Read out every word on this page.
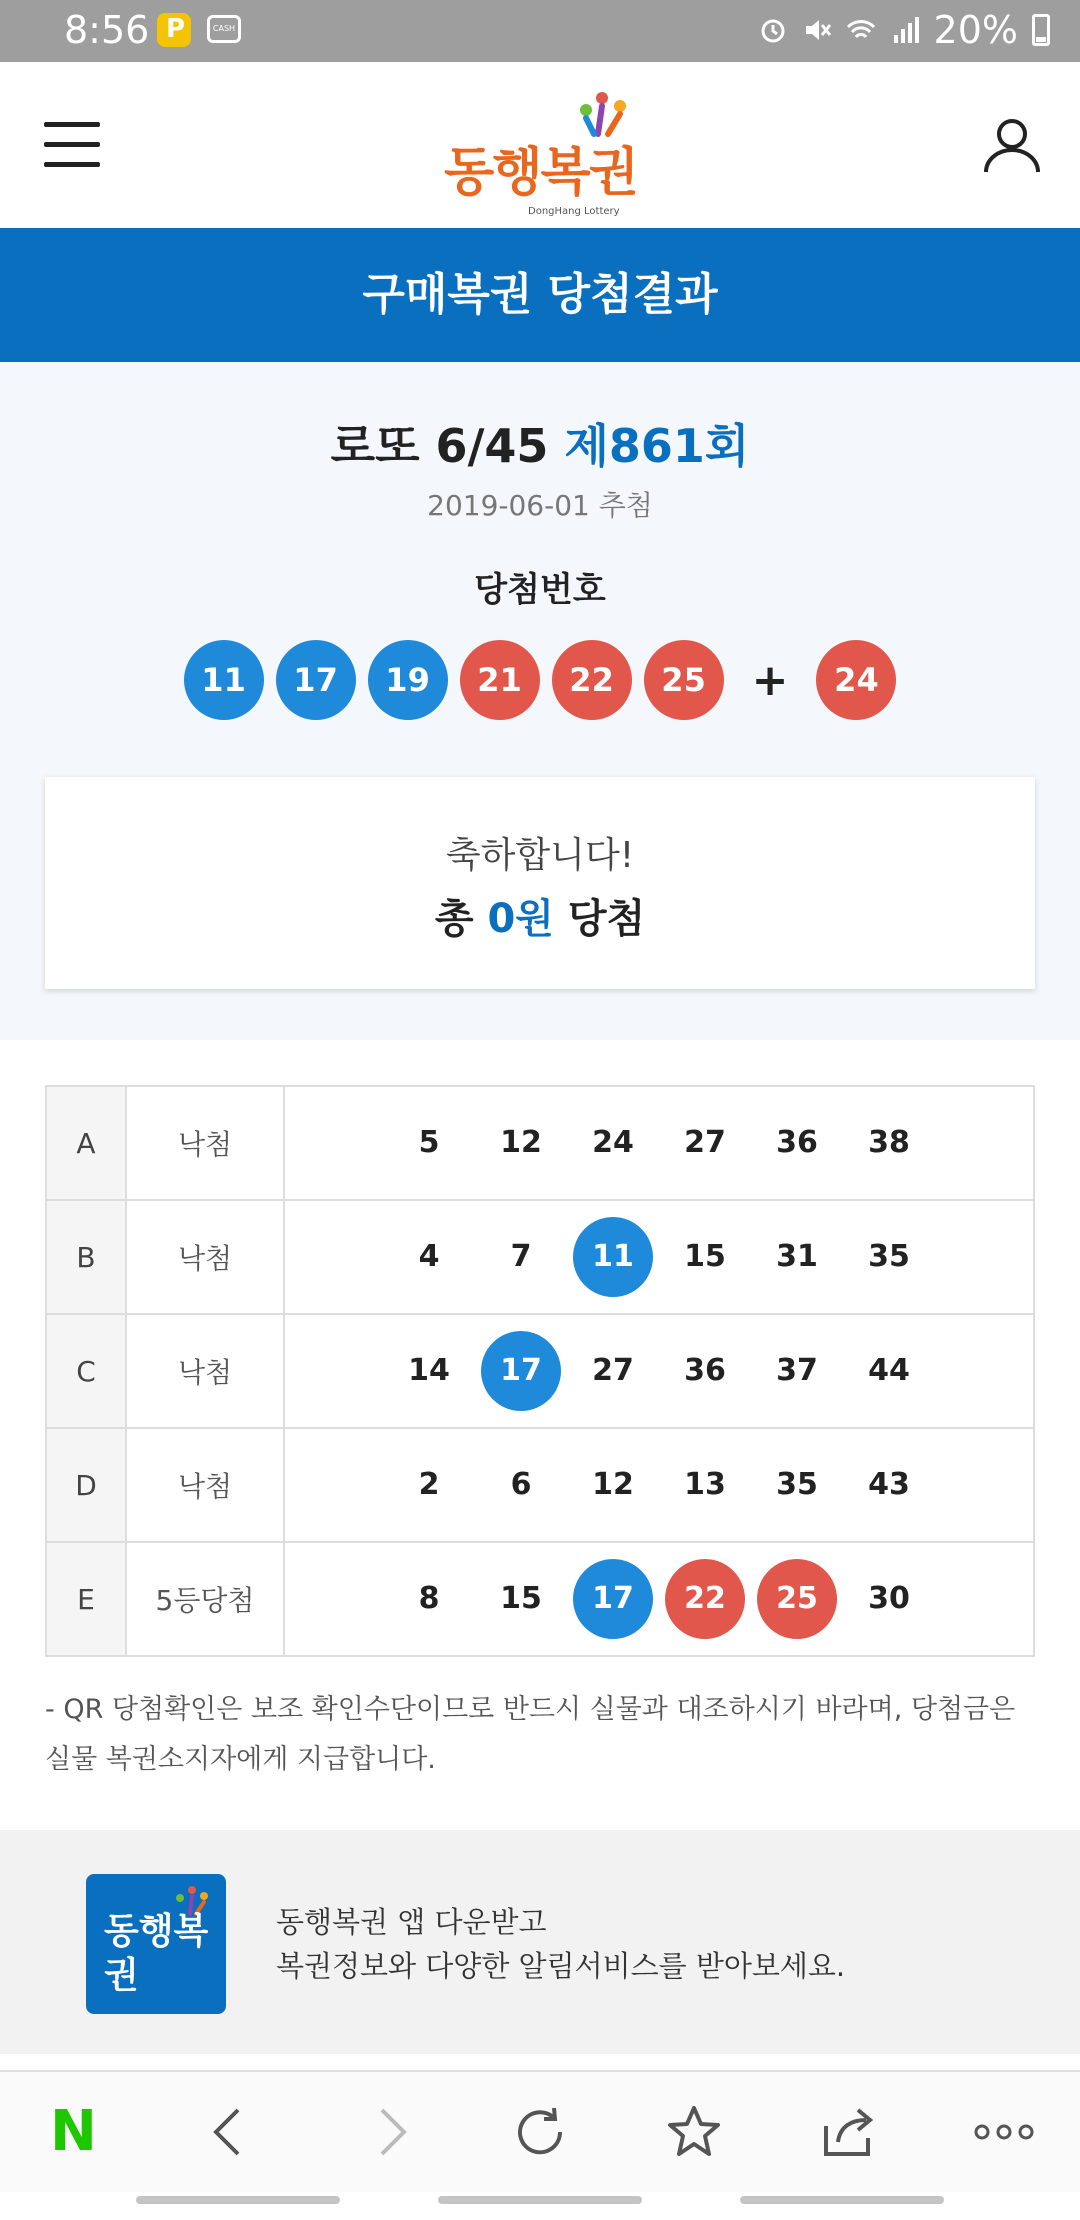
8:56
P	CASH	20%
동행복권
DongHang Lottery
구매복권 당첨결과
로또 6/45 제861회
2019-06-01 추첨
당첨번호
11	17	19	21	22	25	+	24
축하합니다!
총 0원 당첨
A	낙첨	5	12	24	27	36	38

B	낙첨	4	7	11	15	31	35

C	낙첨	14	17	27	36	37	44

D	낙첨	2	6	12	13	35	43

E	5등당첨	8	15	17	22	25	30
- QR 당첨확인은 보조 확인수단이므로 반드시 실물과 대조하시기 바라며, 당첨금은 실물 복권소지자에게 지급합니다.
동행복권
동행복권 앱 다운받고
복권정보와 다양한 알림서비스를 받아보세요.
N
